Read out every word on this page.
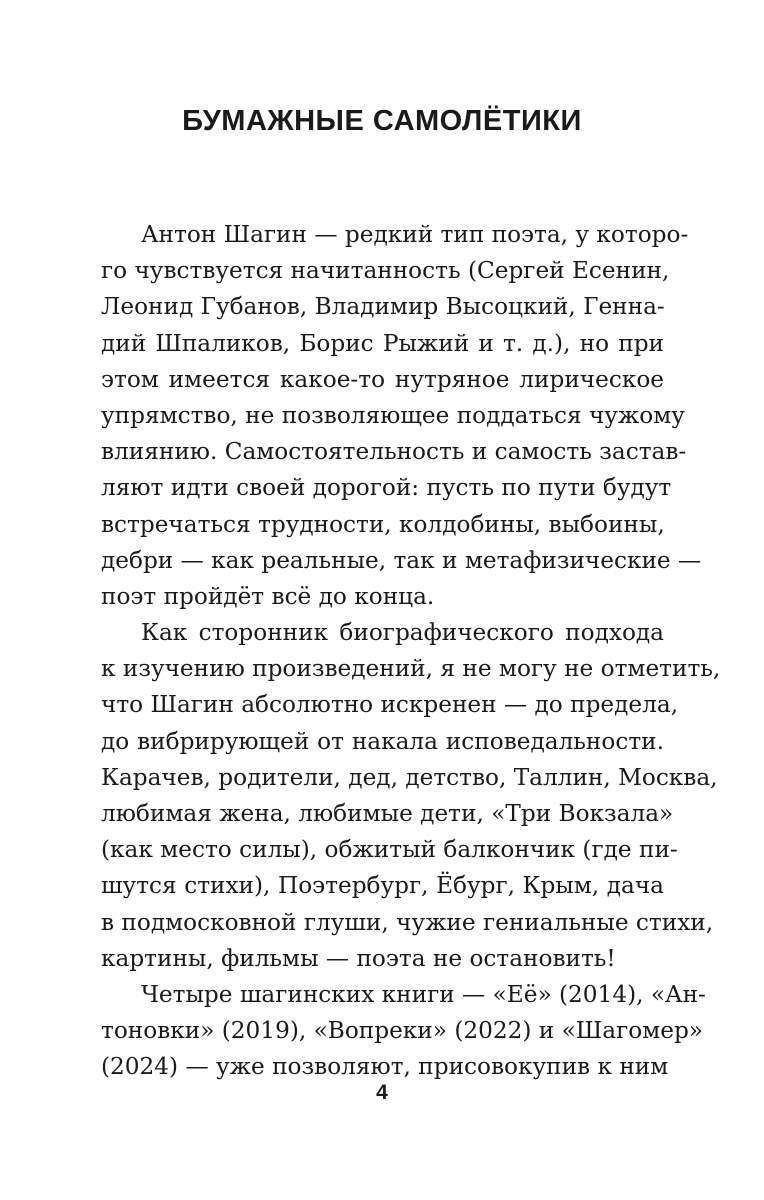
БУМАЖНЫЕ САМОЛЁТИКИ
Антон Шагин — редкий тип поэта, у которо-
го чувствуется начитанность (Сергей Есенин,
Леонид Губанов, Владимир Высоцкий, Генна-
дий Шпаликов, Борис Рыжий и т. д.), но при
этом имеется какое-то нутряное лирическое
упрямство, не позволяющее поддаться чужому
влиянию. Самостоятельность и самость застав-
ляют идти своей дорогой: пусть по пути будут
встречаться трудности, колдобины, выбоины,
дебри — как реальные, так и метафизические —
поэт пройдёт всё до конца.
Как сторонник биографического подхода
к изучению произведений, я не могу не отметить,
что Шагин абсолютно искренен — до предела,
до вибрирующей от накала исповедальности.
Карачев, родители, дед, детство, Таллин, Москва,
любимая жена, любимые дети, «Три Вокзала»
(как место силы), обжитый балкончик (где пи-
шутся стихи), Поэтербург, Ёбург, Крым, дача
в подмосковной глуши, чужие гениальные стихи,
картины, фильмы — поэта не остановить!
Четыре шагинских книги — «Её» (2014), «Ан-
тоновки» (2019), «Вопреки» (2022) и «Шагомер»
(2024) — уже позволяют, присовокупив к ним
4
